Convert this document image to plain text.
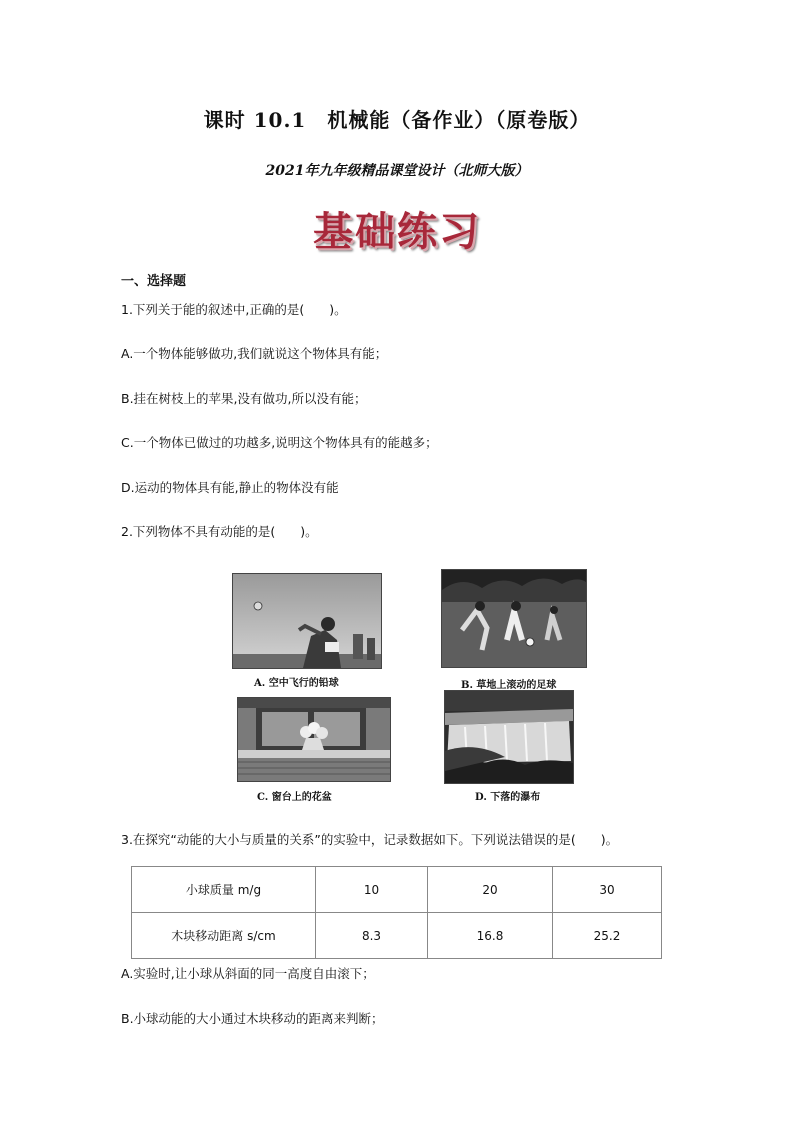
课时 10.1　机械能（备作业）（原卷版）
2021年九年级精品课堂设计（北师大版）
基础练习
一、选择题
1.下列关于能的叙述中,正确的是(　　)。
A.一个物体能够做功,我们就说这个物体具有能；
B.挂在树枝上的苹果,没有做功,所以没有能；
C.一个物体已做过的功越多,说明这个物体具有的能越多；
D.运动的物体具有能,静止的物体没有能
2.下列物体不具有动能的是(　　)。
A. 空中飞行的铅球	B. 草地上滚动的足球
C. 窗台上的花盆	D. 下落的瀑布
3.在探究“动能的大小与质量的关系”的实验中，记录数据如下。下列说法错误的是(　　)。
小球质量 m/g	10	20	30
木块移动距离 s/cm	8.3	16.8	25.2
A.实验时,让小球从斜面的同一高度自由滚下；
B.小球动能的大小通过木块移动的距离来判断；
